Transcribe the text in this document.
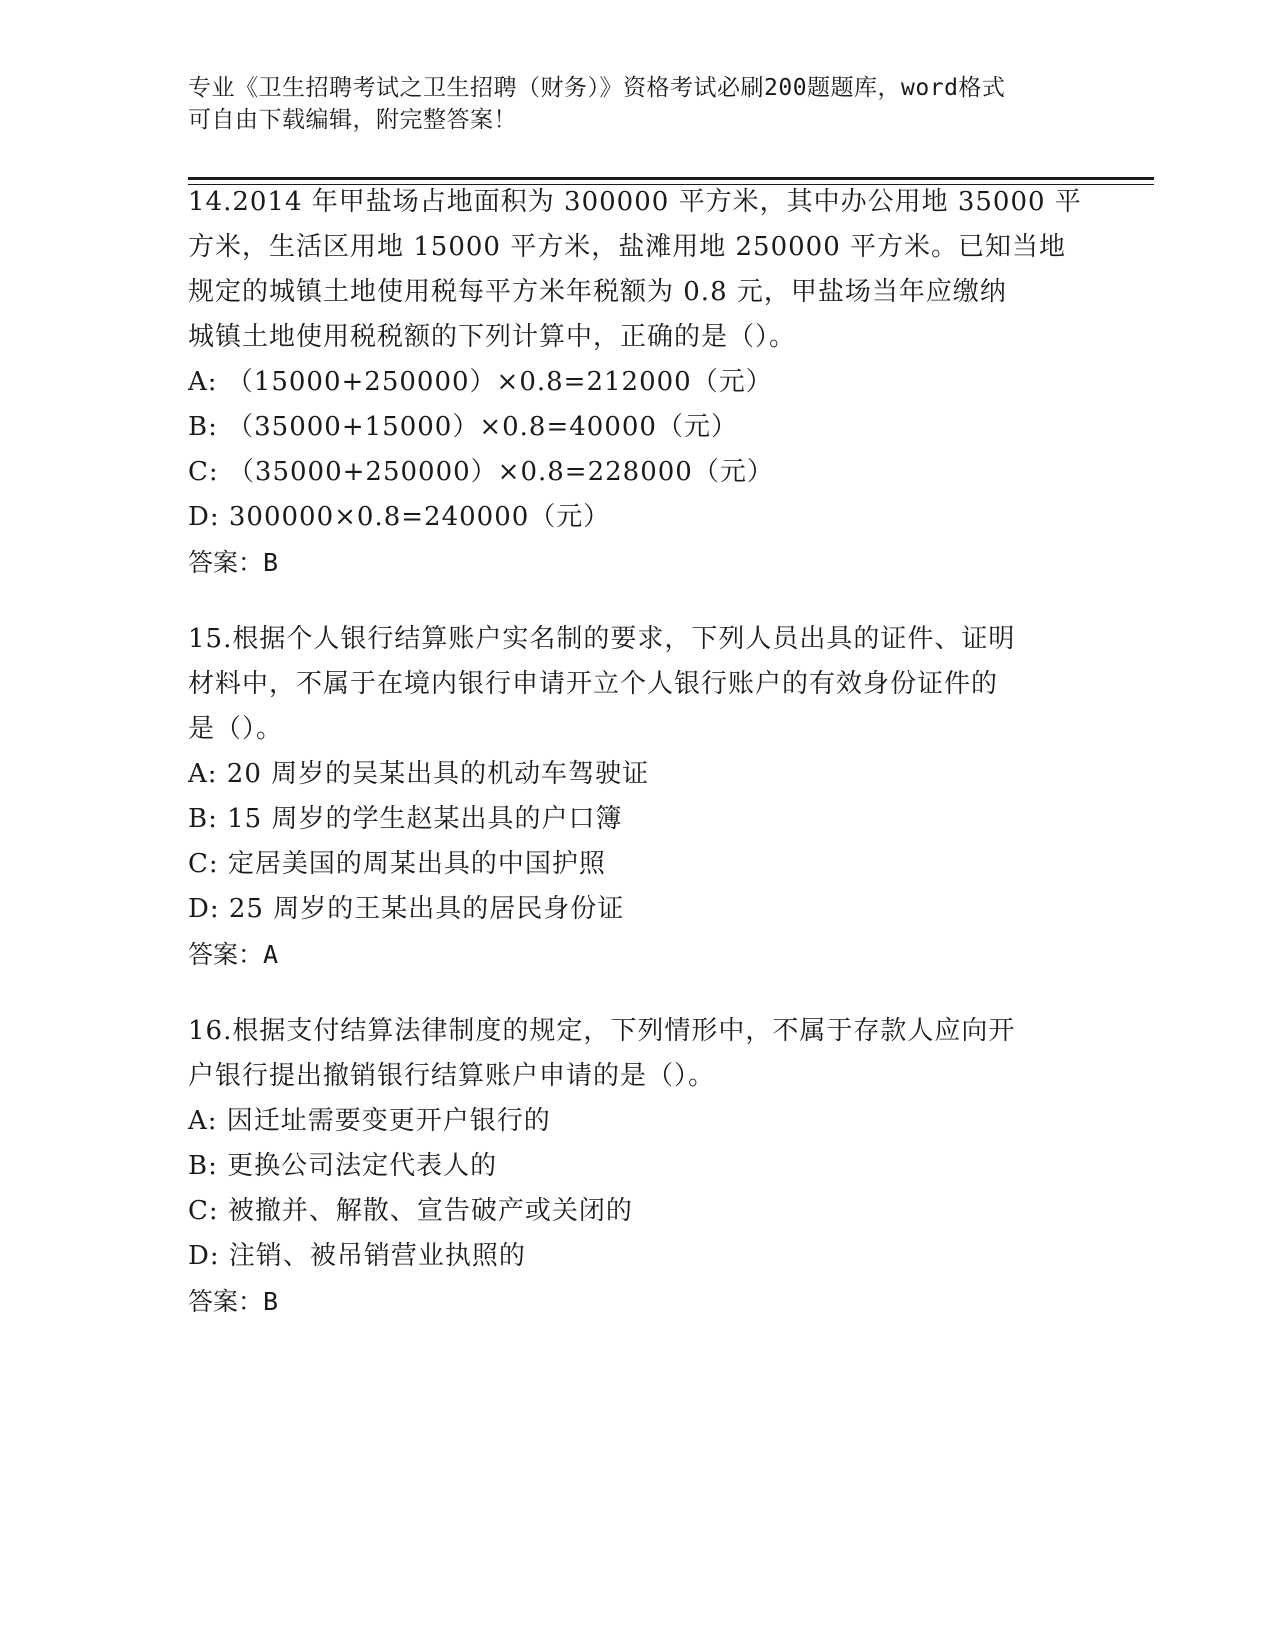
专业《卫生招聘考试之卫生招聘（财务）》资格考试必刷200题题库，word格式
可自由下载编辑，附完整答案！
14.2014 年甲盐场占地面积为 300000 平方米，其中办公用地 35000 平
方米，生活区用地 15000 平方米，盐滩用地 250000 平方米。已知当地
规定的城镇土地使用税每平方米年税额为 0.8 元，甲盐场当年应缴纳
城镇土地使用税税额的下列计算中，正确的是（）。
A: （15000+250000）×0.8=212000（元）
B: （35000+15000）×0.8=40000（元）
C: （35000+250000）×0.8=228000（元）
D: 300000×0.8=240000（元）
答案：B
15.根据个人银行结算账户实名制的要求，下列人员出具的证件、证明
材料中，不属于在境内银行申请开立个人银行账户的有效身份证件的
是（）。
A: 20 周岁的吴某出具的机动车驾驶证
B: 15 周岁的学生赵某出具的户口簿
C: 定居美国的周某出具的中国护照
D: 25 周岁的王某出具的居民身份证
答案：A
16.根据支付结算法律制度的规定，下列情形中，不属于存款人应向开
户银行提出撤销银行结算账户申请的是（）。
A: 因迁址需要变更开户银行的
B: 更换公司法定代表人的
C: 被撤并、解散、宣告破产或关闭的
D: 注销、被吊销营业执照的
答案：B
